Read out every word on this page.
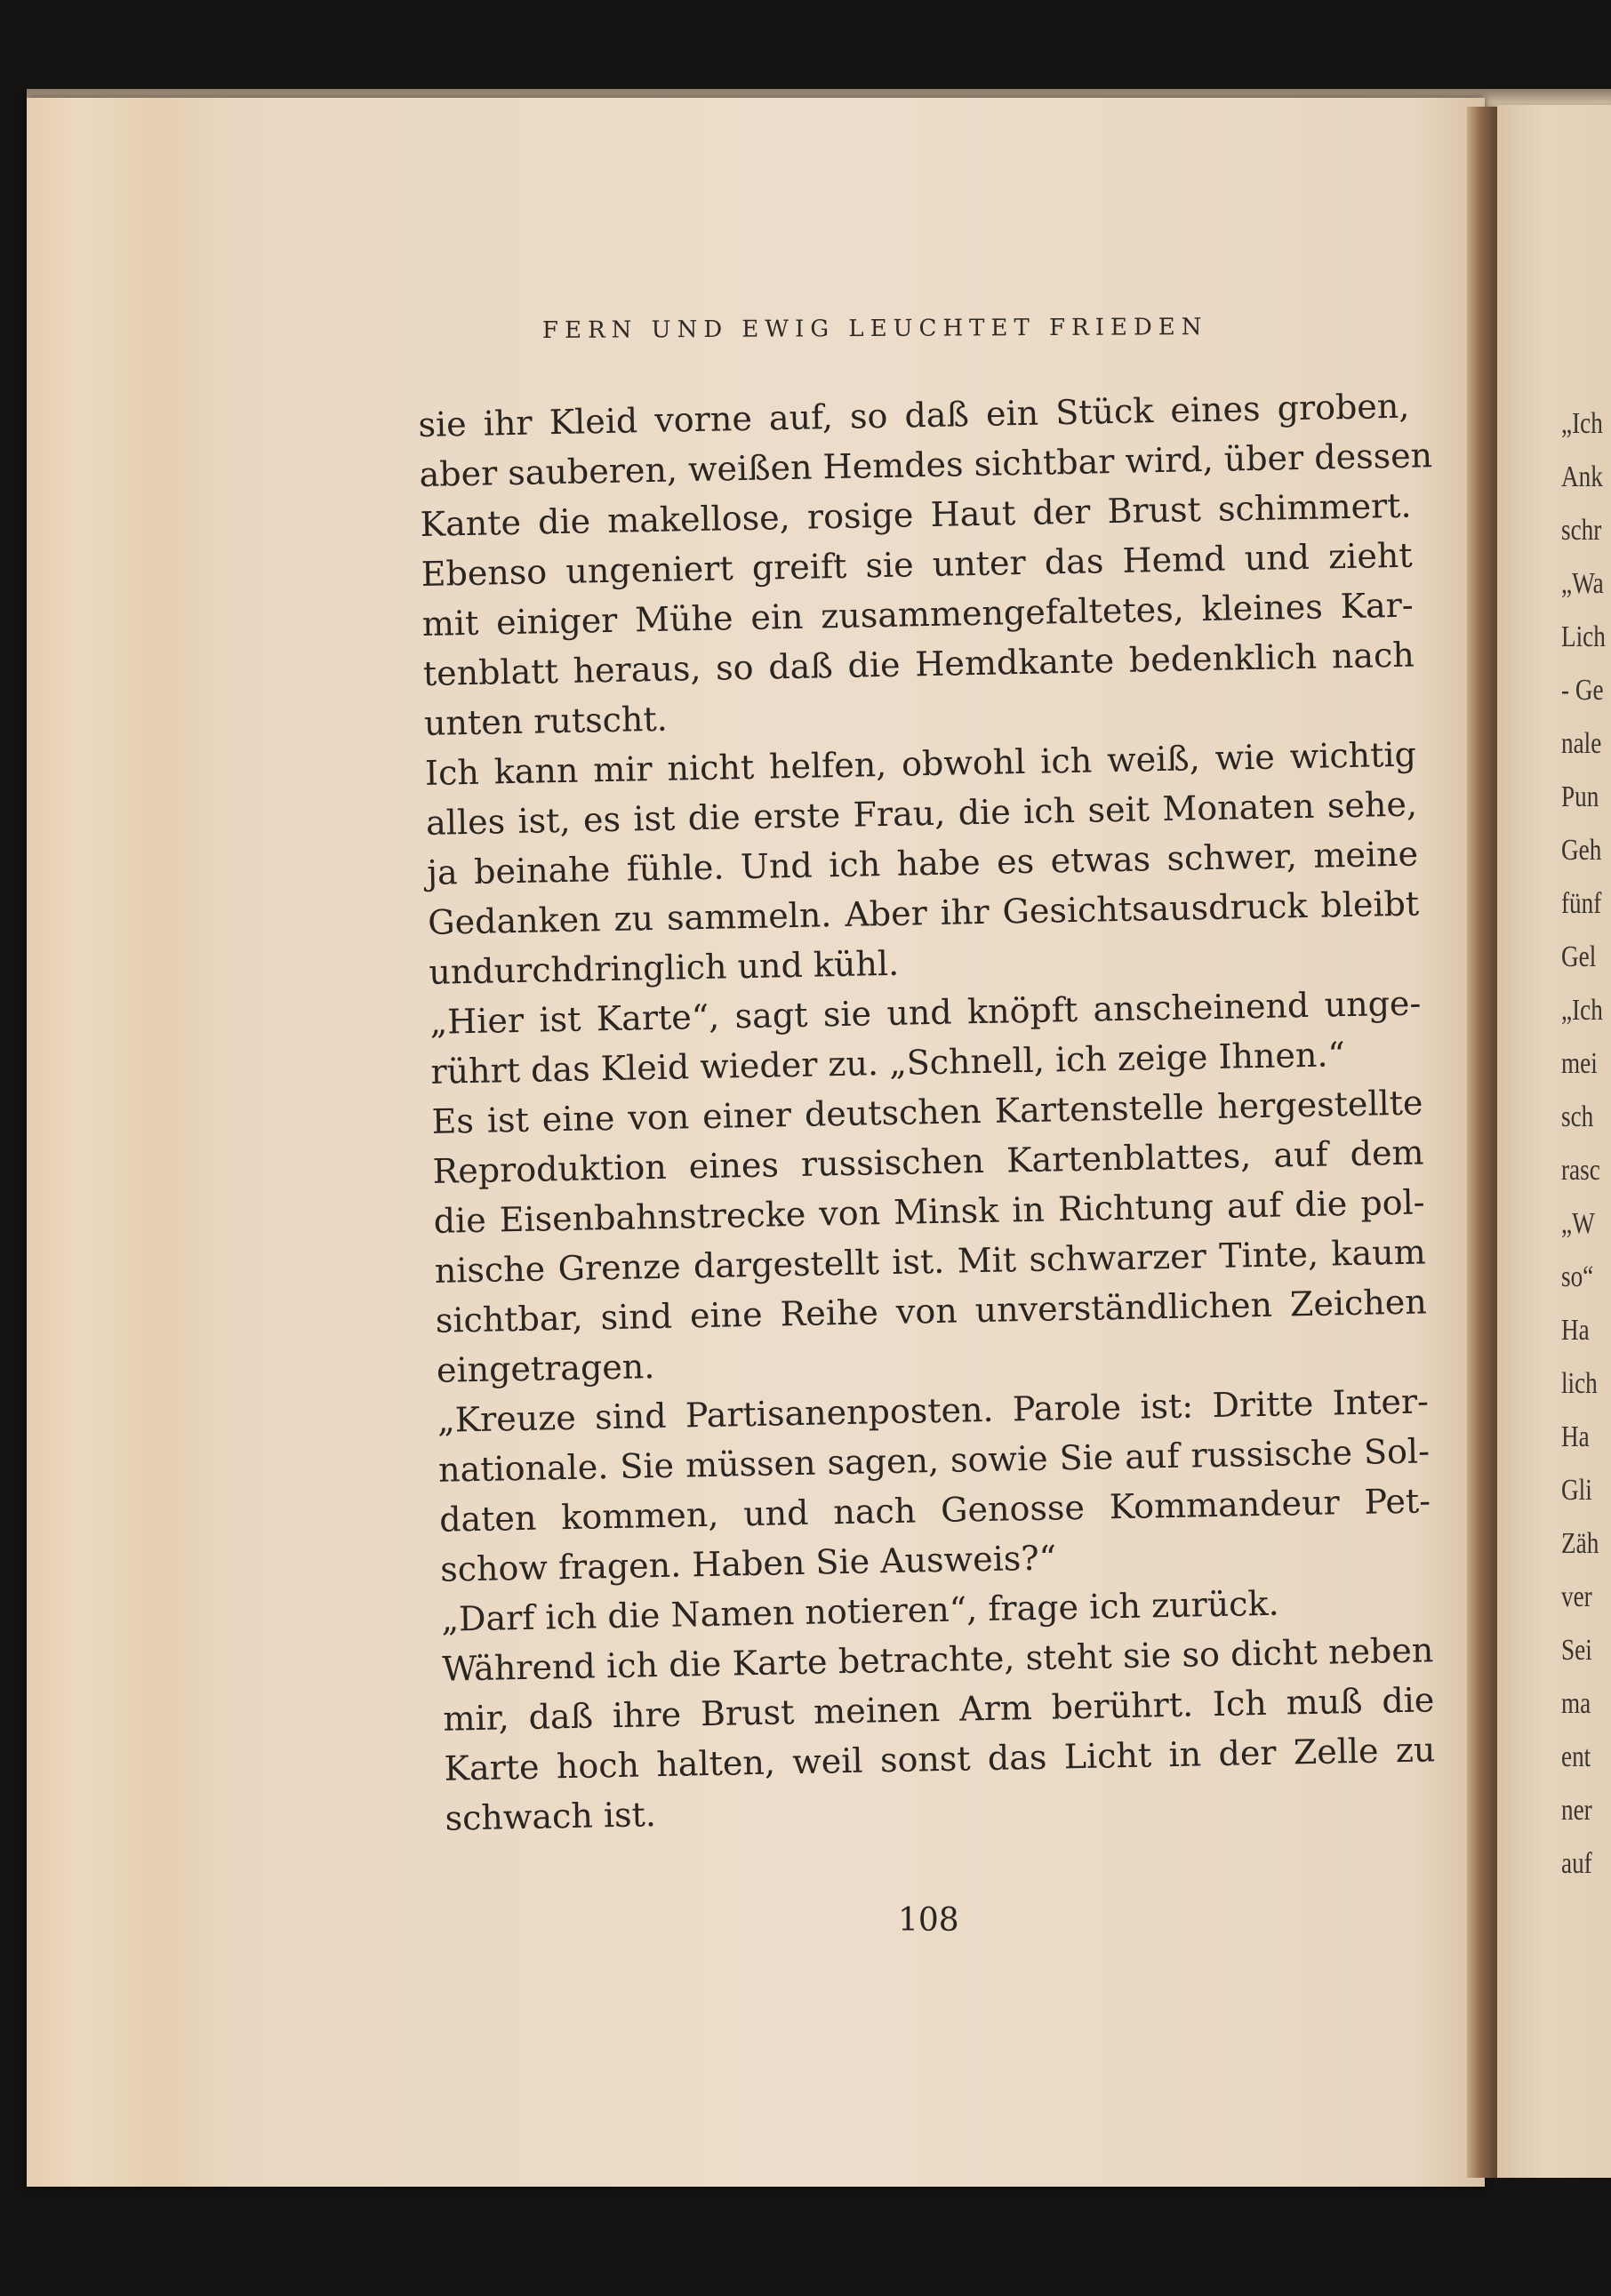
„Ich
Ank
schr
„Wa
Lich
- Ge
nale
Pun
Geh
fünf
Gel
„Ich
mei
sch
rasc
„W
so“
Ha
lich
Ha
Gli
Zäh
ver
Sei
ma
ent
ner
auf
FERN UND EWIG LEUCHTET FRIEDEN
sie ihr Kleid vorne auf, so daß ein Stück eines groben,
aber sauberen, weißen Hemdes sichtbar wird, über dessen
Kante die makellose, rosige Haut der Brust schimmert.
Ebenso ungeniert greift sie unter das Hemd und zieht
mit einiger Mühe ein zusammengefaltetes, kleines Kar-
tenblatt heraus, so daß die Hemdkante bedenklich nach
unten rutscht.
Ich kann mir nicht helfen, obwohl ich weiß, wie wichtig
alles ist, es ist die erste Frau, die ich seit Monaten sehe,
ja beinahe fühle. Und ich habe es etwas schwer, meine
Gedanken zu sammeln. Aber ihr Gesichtsausdruck bleibt
undurchdringlich und kühl.
„Hier ist Karte“, sagt sie und knöpft anscheinend unge-
rührt das Kleid wieder zu. „Schnell, ich zeige Ihnen.“
Es ist eine von einer deutschen Kartenstelle hergestellte
Reproduktion eines russischen Kartenblattes, auf dem
die Eisenbahnstrecke von Minsk in Richtung auf die pol-
nische Grenze dargestellt ist. Mit schwarzer Tinte, kaum
sichtbar, sind eine Reihe von unverständlichen Zeichen
eingetragen.
„Kreuze sind Partisanenposten. Parole ist: Dritte Inter-
nationale. Sie müssen sagen, sowie Sie auf russische Sol-
daten kommen, und nach Genosse Kommandeur Pet-
schow fragen. Haben Sie Ausweis?“
„Darf ich die Namen notieren“, frage ich zurück.
Während ich die Karte betrachte, steht sie so dicht neben
mir, daß ihre Brust meinen Arm berührt. Ich muß die
Karte hoch halten, weil sonst das Licht in der Zelle zu
schwach ist.
108
